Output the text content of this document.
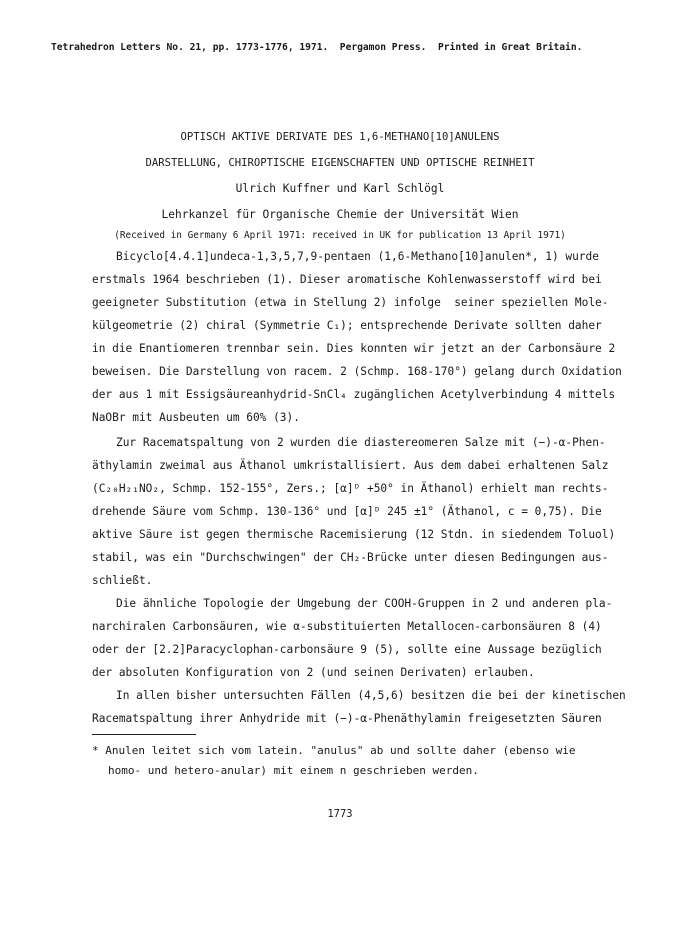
Tetrahedron Letters No. 21, pp. 1773-1776, 1971.  Pergamon Press.  Printed in Great Britain.
OPTISCH AKTIVE DERIVATE DES 1,6-METHANO[10]ANULENS
DARSTELLUNG, CHIROPTISCHE EIGENSCHAFTEN UND OPTISCHE REINHEIT
Ulrich Kuffner und Karl Schlögl
Lehrkanzel für Organische Chemie der Universität Wien
(Received in Germany 6 April 1971: received in UK for publication 13 April 1971)
Bicyclo[4.4.1]undeca-1,3,5,7,9-pentaen (1,6-Methano[10]anulen*, 1) wurde
erstmals 1964 beschrieben (1). Dieser aromatische Kohlenwasserstoff wird bei
geeigneter Substitution (etwa in Stellung 2) infolge  seiner speziellen Mole-
külgeometrie (2) chiral (Symmetrie C₁); entsprechende Derivate sollten daher
in die Enantiomeren trennbar sein. Dies konnten wir jetzt an der Carbonsäure 2
beweisen. Die Darstellung von racem. 2 (Schmp. 168-170°) gelang durch Oxidation
der aus 1 mit Essigsäureanhydrid-SnCl₄ zugänglichen Acetylverbindung 4 mittels
NaOBr mit Ausbeuten um 60% (3).
Zur Racematspaltung von 2 wurden die diastereomeren Salze mit (−)-α-Phen-
äthylamin zweimal aus Äthanol umkristallisiert. Aus dem dabei erhaltenen Salz
(C₂₀H₂₁NO₂, Schmp. 152-155°, Zers.; [α]ᴰ +50° in Äthanol) erhielt man rechts-
drehende Säure vom Schmp. 130-136° und [α]ᴰ 245 ±1° (Äthanol, c = 0,75). Die
aktive Säure ist gegen thermische Racemisierung (12 Stdn. in siedendem Toluol)
stabil, was ein "Durchschwingen" der CH₂-Brücke unter diesen Bedingungen aus-
schließt.
Die ähnliche Topologie der Umgebung der COOH-Gruppen in 2 und anderen pla-
narchiralen Carbonsäuren, wie α-substituierten Metallocen-carbonsäuren 8 (4)
oder der [2.2]Paracyclophan-carbonsäure 9 (5), sollte eine Aussage bezüglich
der absoluten Konfiguration von 2 (und seinen Derivaten) erlauben.
In allen bisher untersuchten Fällen (4,5,6) besitzen die bei der kinetischen
Racematspaltung ihrer Anhydride mit (−)-α-Phenäthylamin freigesetzten Säuren
* Anulen leitet sich vom latein. "anulus" ab und sollte daher (ebenso wie
homo- und hetero-anular) mit einem n geschrieben werden.
1773
